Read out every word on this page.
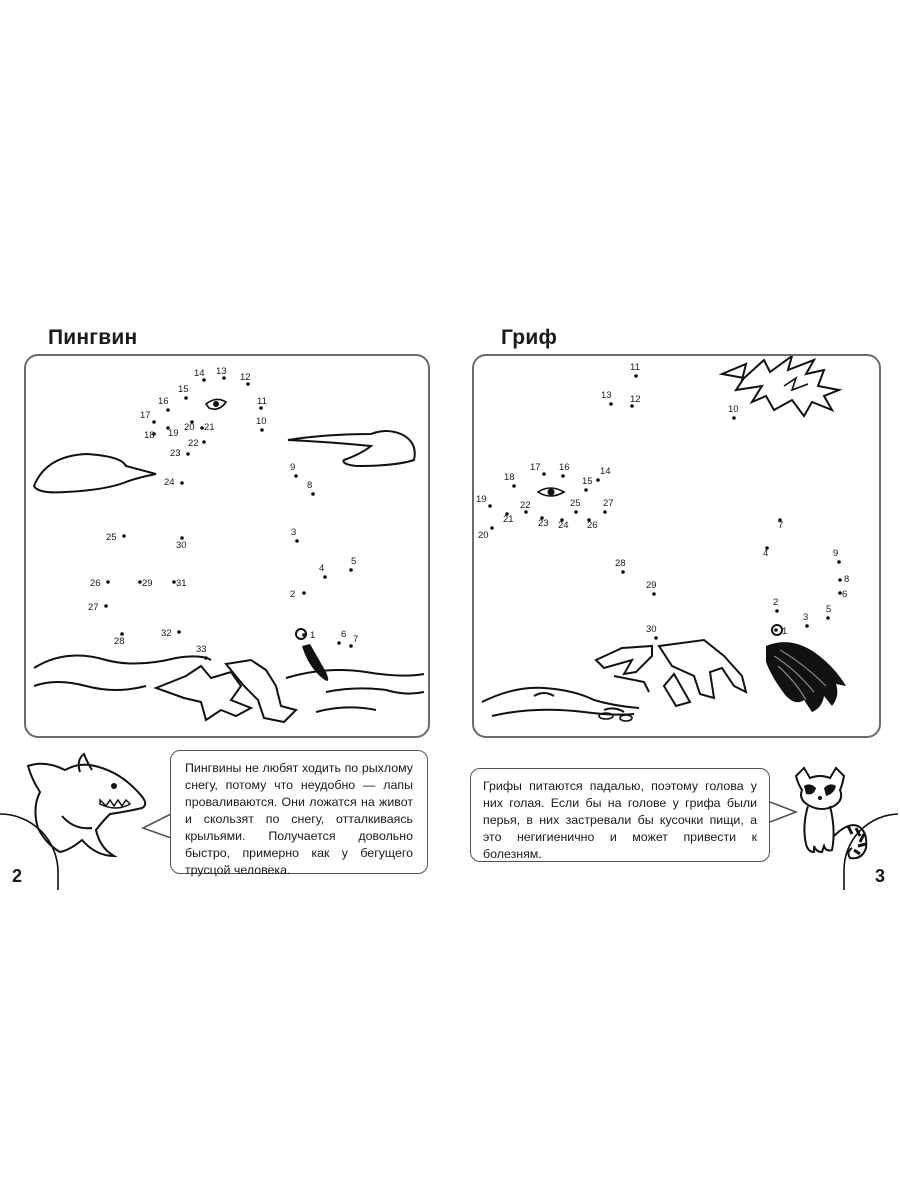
Пингвин
1
2
3
4
5
6 7
8
9
10
11
12
13
14
15
16
17
18 19
20 21
22
23
24
25
26
27
28
29
30
31
32
33

Пингвины не любят ходить по рыхлому снегу, потому что неудобно — лапы проваливаются. Они ложатся на живот и скользят по снегу, отталкиваясь крыльями. Получается довольно быстро, примерно как у бегущего трусцой человека.

2
Гриф
1
2
3
4
5
6
7
8
9
10
11
12
13
14
15
16
17
18
19
20
21
22
23 24
25
26
27
28
29
30

Грифы питаются падалью, поэтому голова у них голая. Если бы на голове у грифа были перья, в них застревали бы кусочки пищи, а это негигиенично и может привести к болезням.

3
